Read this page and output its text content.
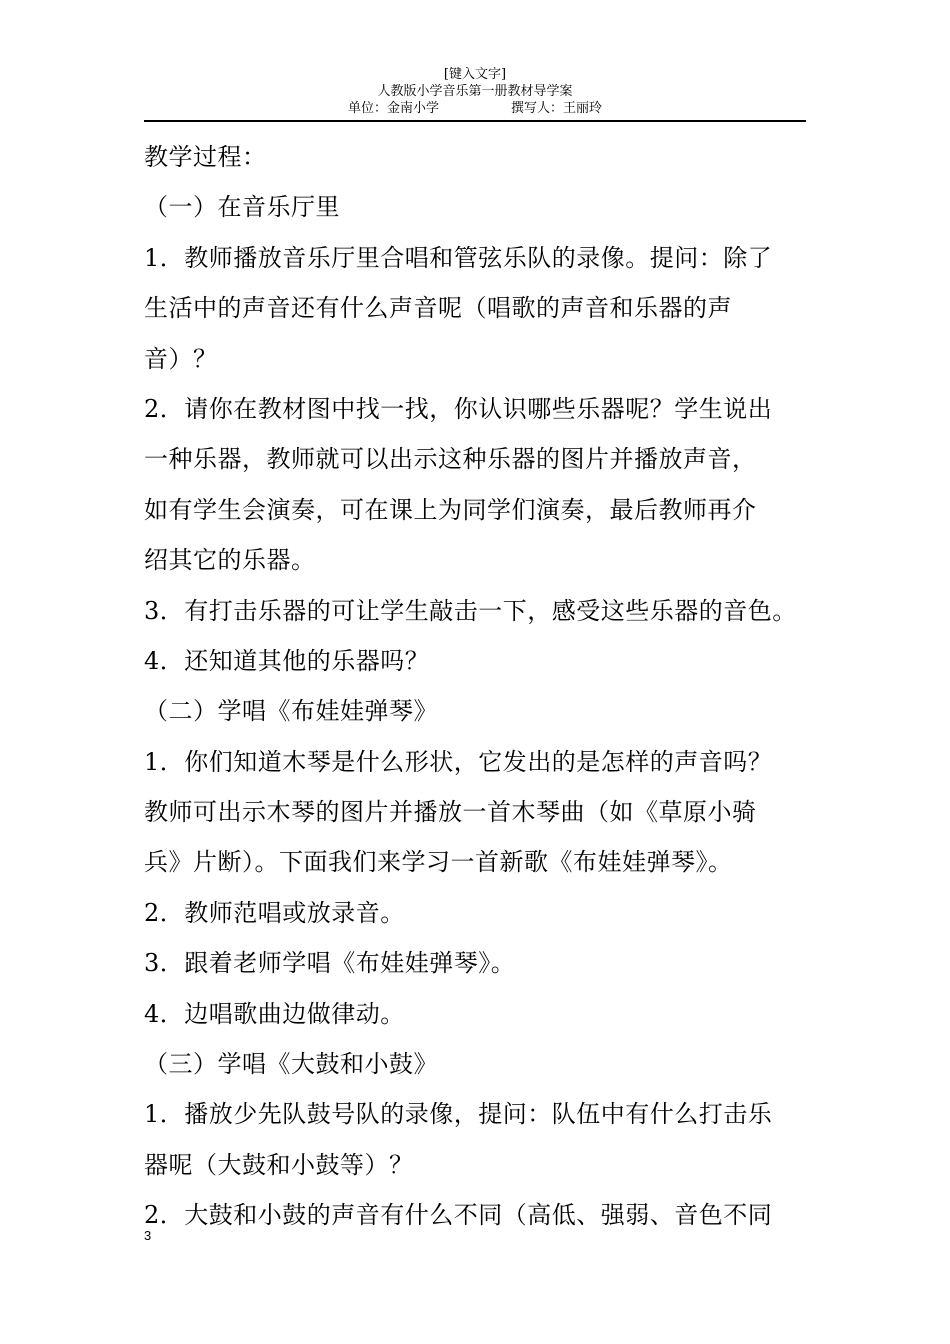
[键入文字]
人教版小学音乐第一册教材导学案
单位：金南小学	撰写人：王丽玲
教学过程：
（一）在音乐厅里
1．教师播放音乐厅里合唱和管弦乐队的录像。提问：除了
生活中的声音还有什么声音呢（唱歌的声音和乐器的声
音）？
2．请你在教材图中找一找，你认识哪些乐器呢？学生说出
一种乐器，教师就可以出示这种乐器的图片并播放声音，
如有学生会演奏，可在课上为同学们演奏，最后教师再介
绍其它的乐器。
3．有打击乐器的可让学生敲击一下，感受这些乐器的音色。
4．还知道其他的乐器吗？
（二）学唱《布娃娃弹琴》
1．你们知道木琴是什么形状，它发出的是怎样的声音吗？
教师可出示木琴的图片并播放一首木琴曲（如《草原小骑
兵》片断）。下面我们来学习一首新歌《布娃娃弹琴》。
2．教师范唱或放录音。
3．跟着老师学唱《布娃娃弹琴》。
4．边唱歌曲边做律动。
（三）学唱《大鼓和小鼓》
1．播放少先队鼓号队的录像，提问：队伍中有什么打击乐
器呢（大鼓和小鼓等）？
2．大鼓和小鼓的声音有什么不同（高低、强弱、音色不同
3
